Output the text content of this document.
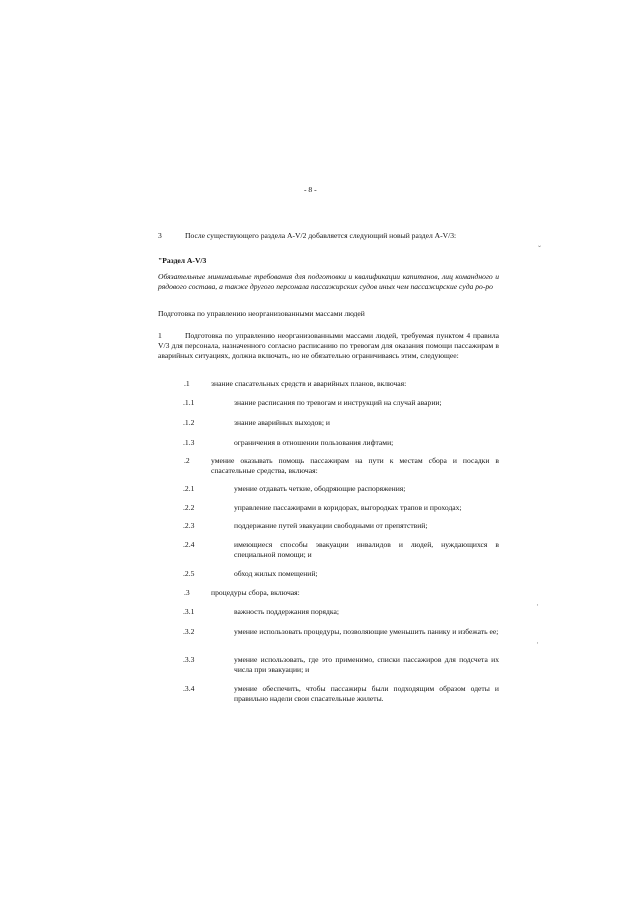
- 8 -
3	После существующего раздела A-V/2 добавляется следующий новый раздел A-V/3:
ˇ
"Раздел A-V/3
Обязательные минимальные требования для подготовки и квалификации капитанов, лиц командного и рядового состава, а также другого персонала пассажирских судов иных чем пассажирские суда ро-ро
Подготовка по управлению неорганизованными массами людей
1	Подготовка по управлению неорганизованными массами людей, требуемая пунктом 4 правила V/3 для персонала, назначенного согласно расписанию по тревогам для оказания помощи пассажирам в аварийных ситуациях, должна включать, но не обязательно ограничиваясь этим, следующее:
.1	знание спасательных средств и аварийных планов, включая:
.1.1	знание расписания по тревогам и инструкций на случай аварии;
.1.2	знание аварийных выходов; и
.1.3	ограничения в отношении пользования лифтами;
.2	умение оказывать помощь пассажирам на пути к местам сбора и посадки в спасательные средства, включая:
.2.1	умение отдавать четкие, ободряющие распоряжения;
.2.2	управление пассажирами в коридорах, выгородках трапов и проходах;
.2.3	поддержание путей эвакуации свободными от препятствий;
.2.4	имеющиеся способы эвакуации инвалидов и людей, нуждающихся в специальной помощи; и
.2.5	обход жилых помещений;
.3	процедуры сбора, включая:
.3.1	важность поддержания порядка;
.3.2	умение использовать процедуры, позволяющие уменьшить панику и избежать ее;
.3.3	умение использовать, где это применимо, списки пассажиров для подсчета их числа при эвакуации; и
.3.4	умение обеспечить, чтобы пассажиры были подходящим образом одеты и правильно надели свои спасательные жилеты.
·
·
